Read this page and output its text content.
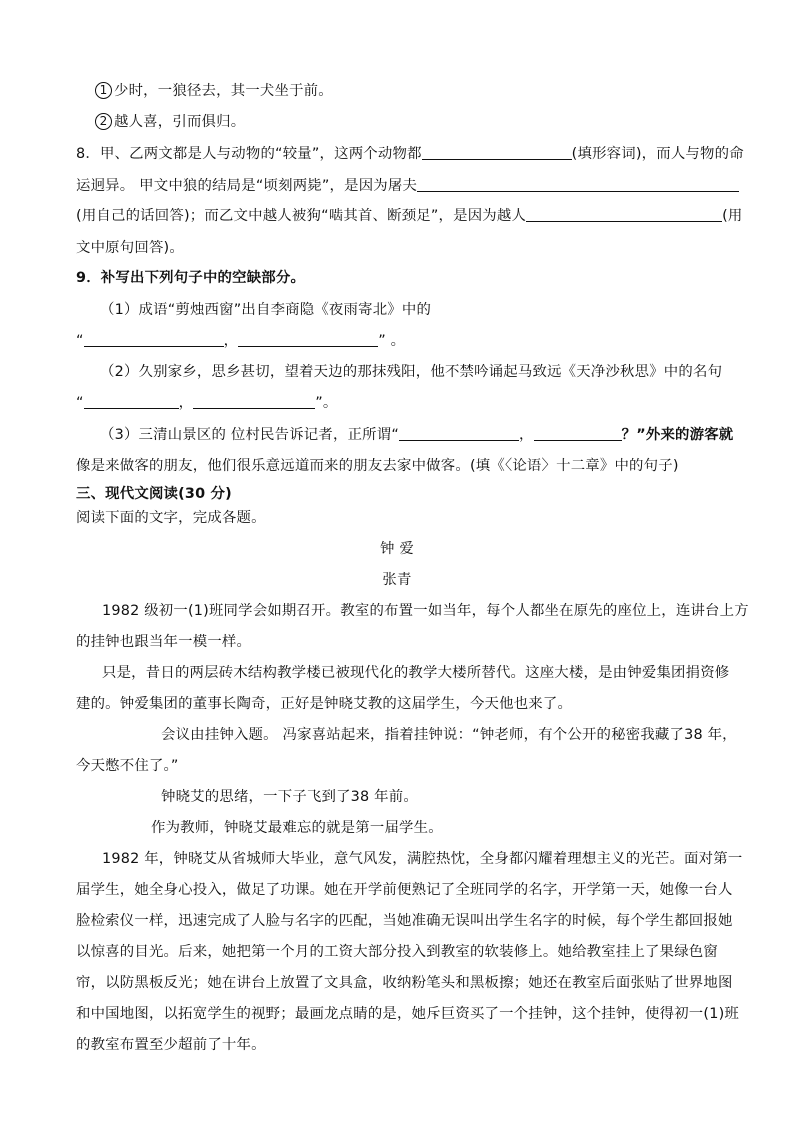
1 少时，一狼径去，其一犬坐于前。
2 越人喜，引而俱归。
8．甲、乙两文都是人与动物的“较量”，这两个动物都	(填形容词)，而人与物的命
运迥异。 甲文中狼的结局是“顷刻两毙”，是因为屠夫
(用自己的话回答)；而乙文中越人被狗“啮其首、断颈足”，是因为越人	(用
文中原句回答)。
9．补写出下列句子中的空缺部分。
（1）成语“剪烛西窗”出自李商隐《夜雨寄北》中的
“	，	” 。
（2）久别家乡，思乡甚切，望着天边的那抹残阳，他不禁吟诵起马致远《天净沙秋思》中的名句
“	，	”。
（3）三清山景区的 位村民告诉记者，正所谓“	，	？”外来的游客就
像是来做客的朋友，他们很乐意远道而来的朋友去家中做客。(填《〈论语〉十二章》中的句子)
三、现代文阅读(30 分)
阅读下面的文字，完成各题。
钟 爱
张青
1982 级初一(1)班同学会如期召开。教室的布置一如当年，每个人都坐在原先的座位上，连讲台上方
的挂钟也跟当年一模一样。
只是，昔日的两层砖木结构教学楼已被现代化的教学大楼所替代。这座大楼，是由钟爱集团捐资修
建的。钟爱集团的董事长陶奇，正好是钟晓艾教的这届学生，今天他也来了。
会议由挂钟入题。 冯家喜站起来，指着挂钟说：“钟老师，有个公开的秘密我藏了38 年，
今天憋不住了。”
钟晓艾的思绪，一下子飞到了38 年前。
作为教师，钟晓艾最难忘的就是第一届学生。
1982 年，钟晓艾从省城师大毕业，意气风发，满腔热忱，全身都闪耀着理想主义的光芒。面对第一
届学生，她全身心投入，做足了功课。她在开学前便熟记了全班同学的名字，开学第一天，她像一台人
脸检索仪一样，迅速完成了人脸与名字的匹配，当她准确无误叫出学生名字的时候，每个学生都回报她
以惊喜的目光。后来，她把第一个月的工资大部分投入到教室的软装修上。她给教室挂上了果绿色窗
帘，以防黑板反光；她在讲台上放置了文具盒，收纳粉笔头和黑板擦；她还在教室后面张贴了世界地图
和中国地图，以拓宽学生的视野；最画龙点睛的是，她斥巨资买了一个挂钟，这个挂钟，使得初一(1)班
的教室布置至少超前了十年。
